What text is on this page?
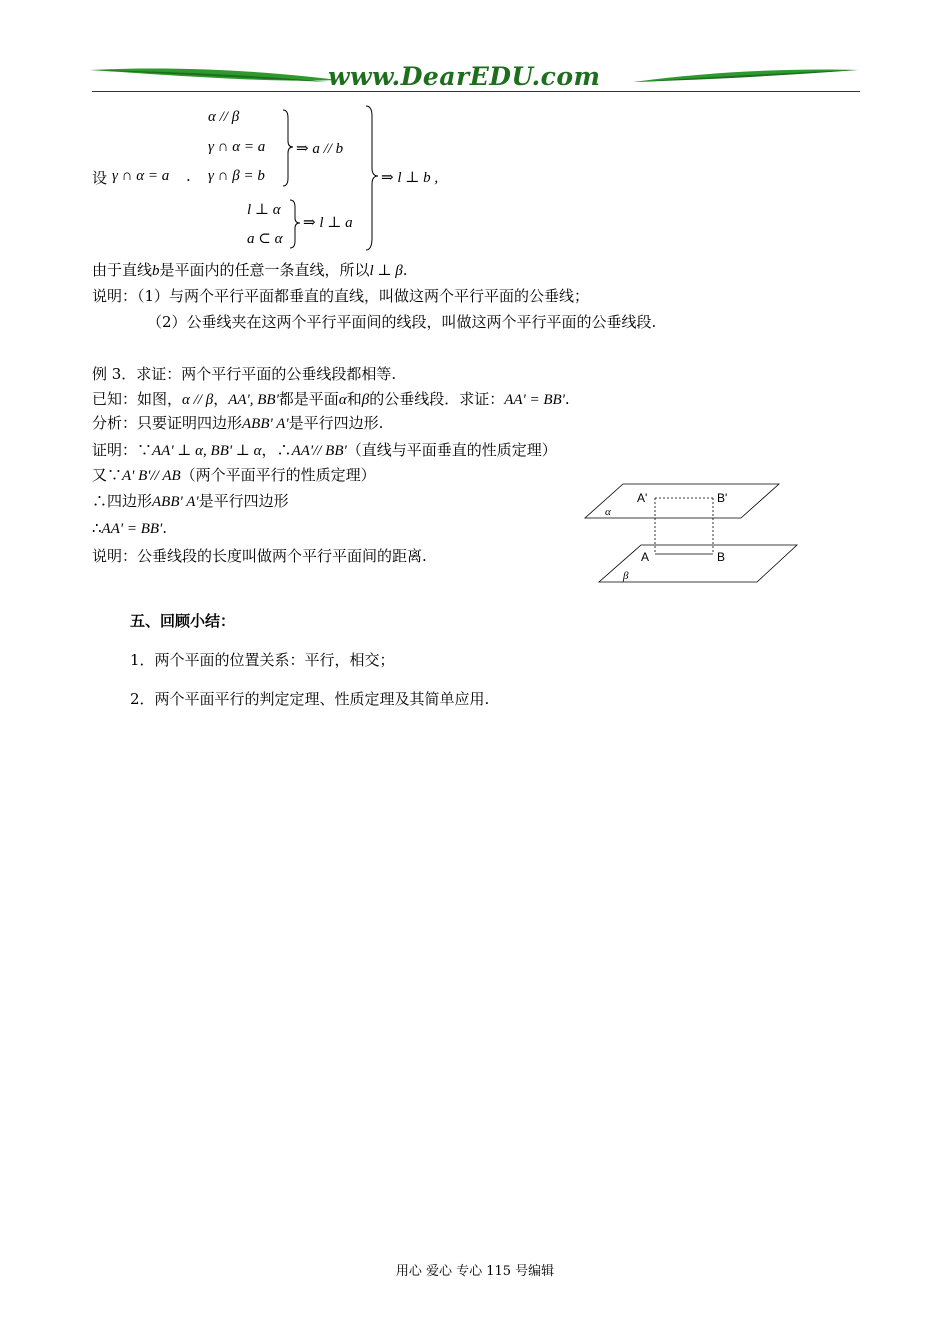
www.DearEDU.com
设 γ ∩ α = a .
α // β
γ ∩ α = a
γ ∩ β = b
⇒ a // b
l ⊥ α
a ⊂ α
⇒ l ⊥ a
⇒ l ⊥ b ,
由于直线b是平面内的任意一条直线，所以l ⊥ β.
说明：（1）与两个平行平面都垂直的直线，叫做这两个平行平面的公垂线；
（2）公垂线夹在这两个平行平面间的线段，叫做这两个平行平面的公垂线段.
例 3．求证：两个平行平面的公垂线段都相等.
已知：如图，α // β，AA', BB'都是平面α和β的公垂线段．求证：AA' = BB'.
分析：只要证明四边形ABB' A'是平行四边形.
证明：∵AA' ⊥ α, BB' ⊥ α，∴AA'// BB'（直线与平面垂直的性质定理）
又∵A' B'// AB（两个平面平行的性质定理）
∴四边形ABB' A'是平行四边形
∴AA' = BB'.
说明：公垂线段的长度叫做两个平行平面间的距离.
A'	B'
A	B
α
β
五、回顾小结：
1．两个平面的位置关系：平行，相交；
2．两个平面平行的判定定理、性质定理及其简单应用.
用心 爱心 专心 115 号编辑
